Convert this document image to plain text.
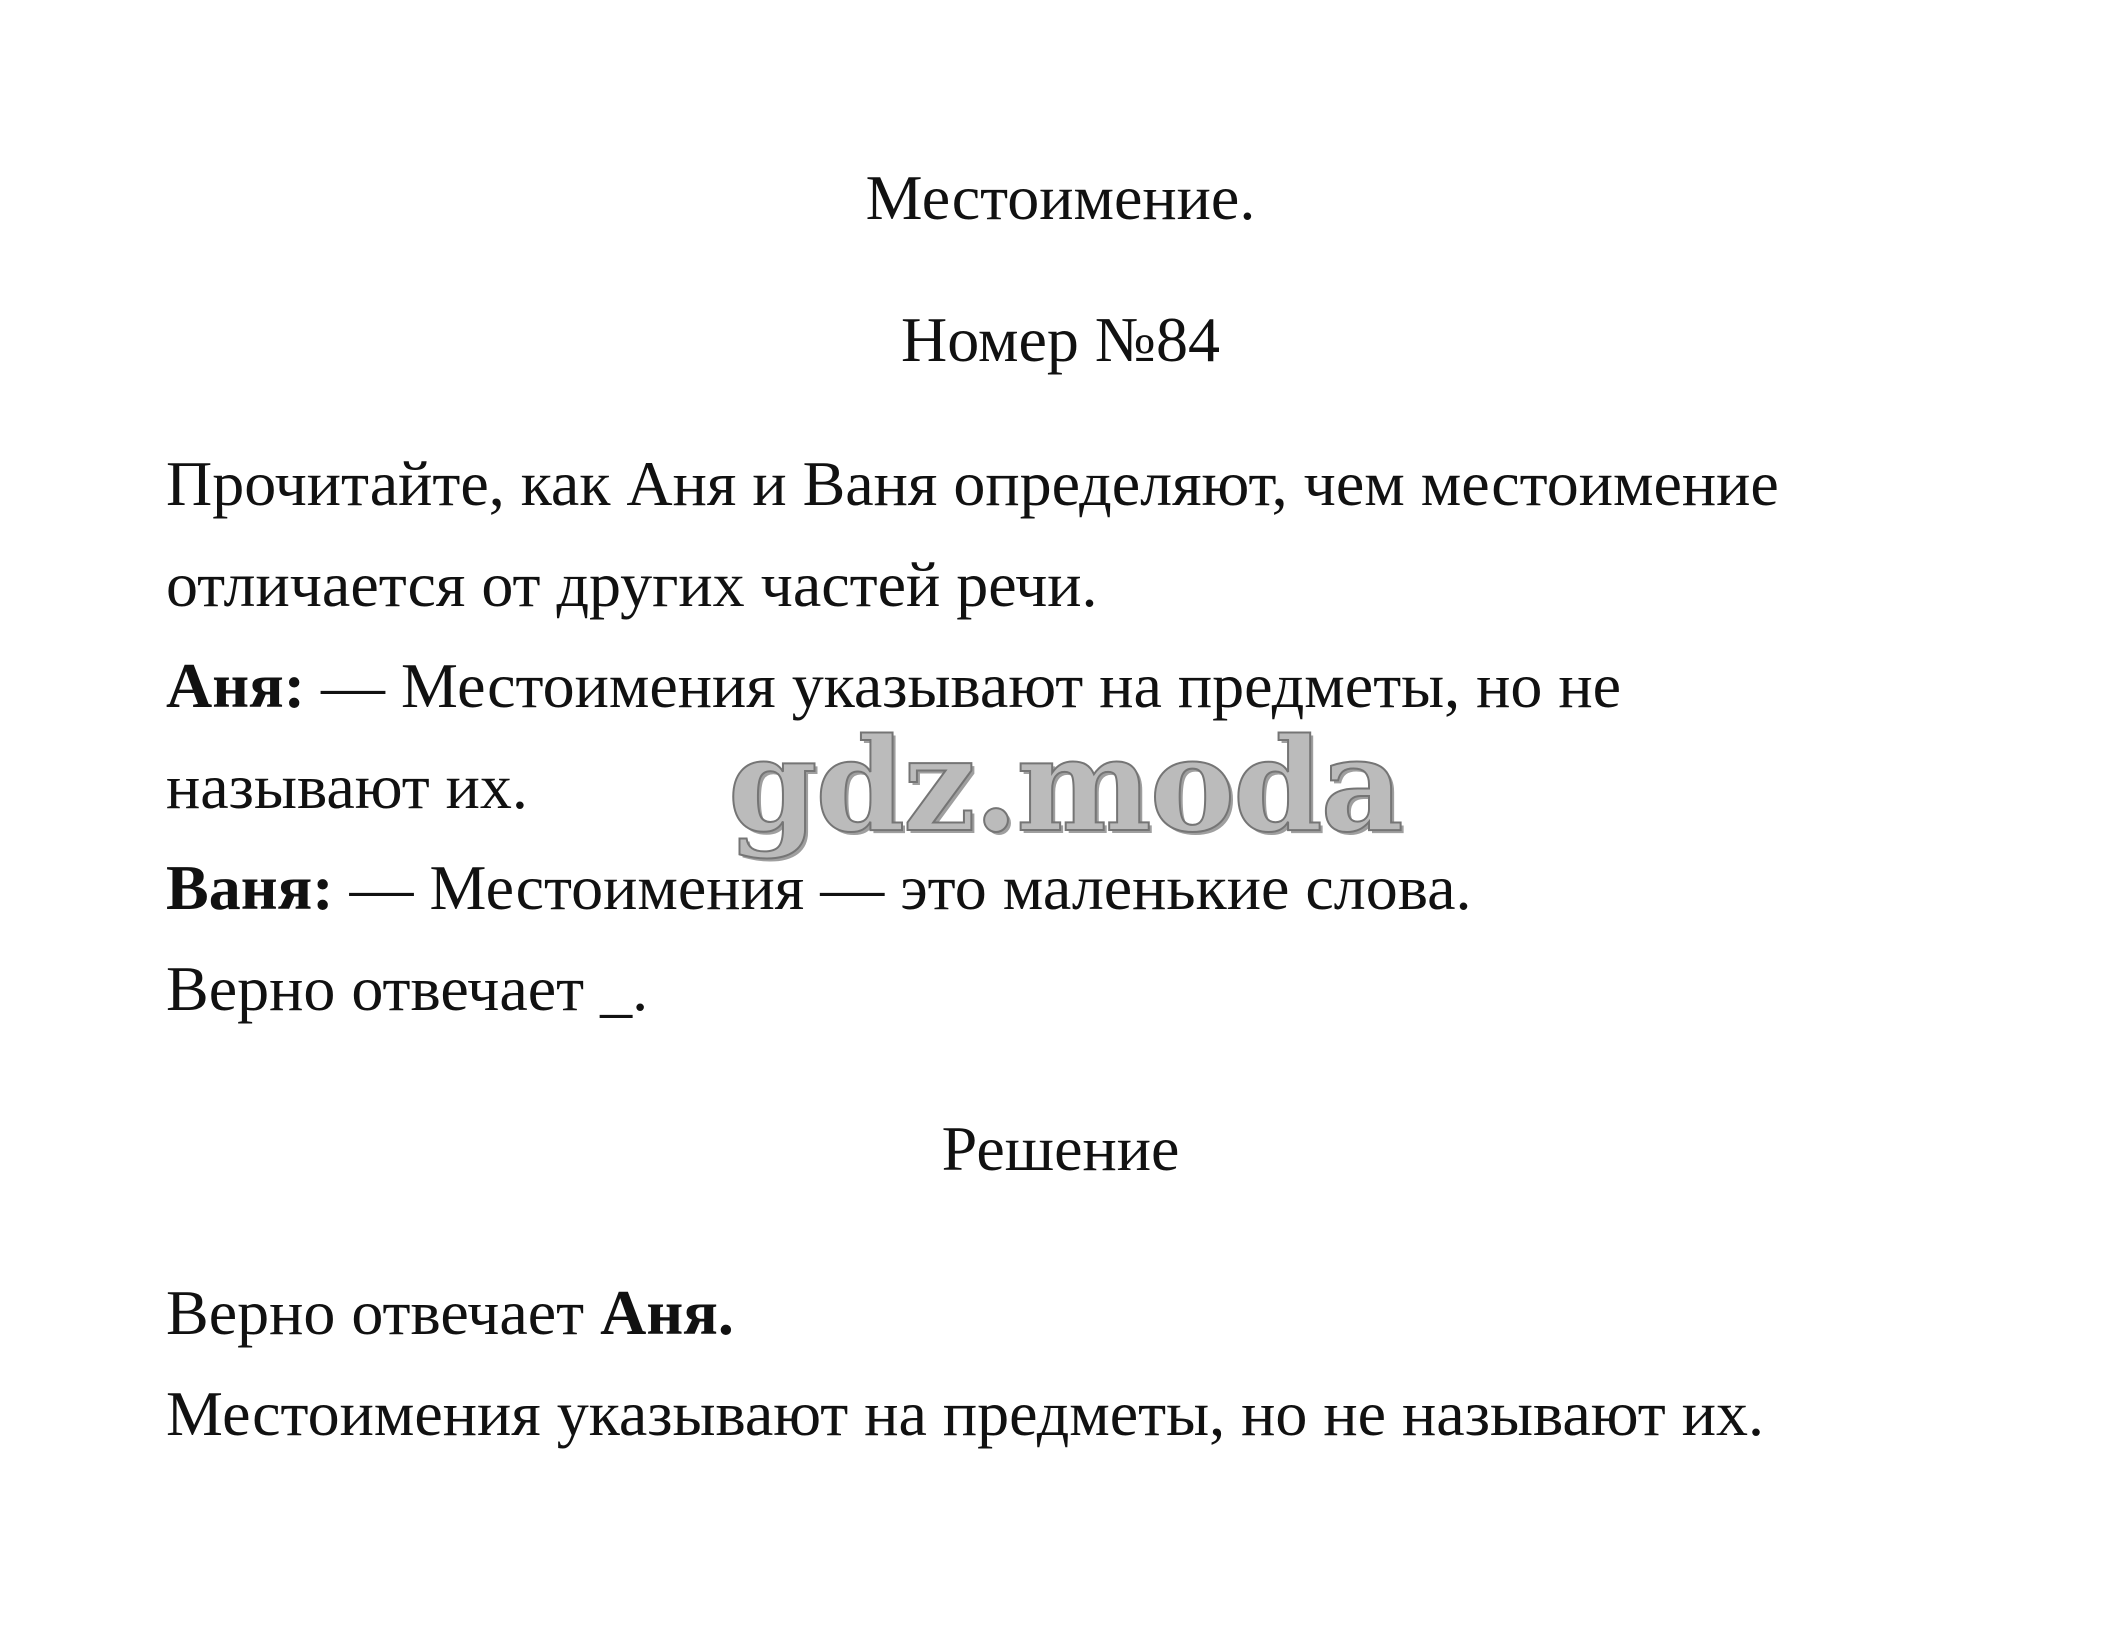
Местоимение.
Номер №84
Прочитайте, как Аня и Ваня определяют, чем местоимение
отличается от других частей речи.
Аня: — Местоимения указывают на предметы, но не
называют их.
Ваня: — Местоимения — это маленькие слова.
Верно отвечает _.
Решение
Верно отвечает Аня.
Местоимения указывают на предметы, но не называют их.
gdz.moda
